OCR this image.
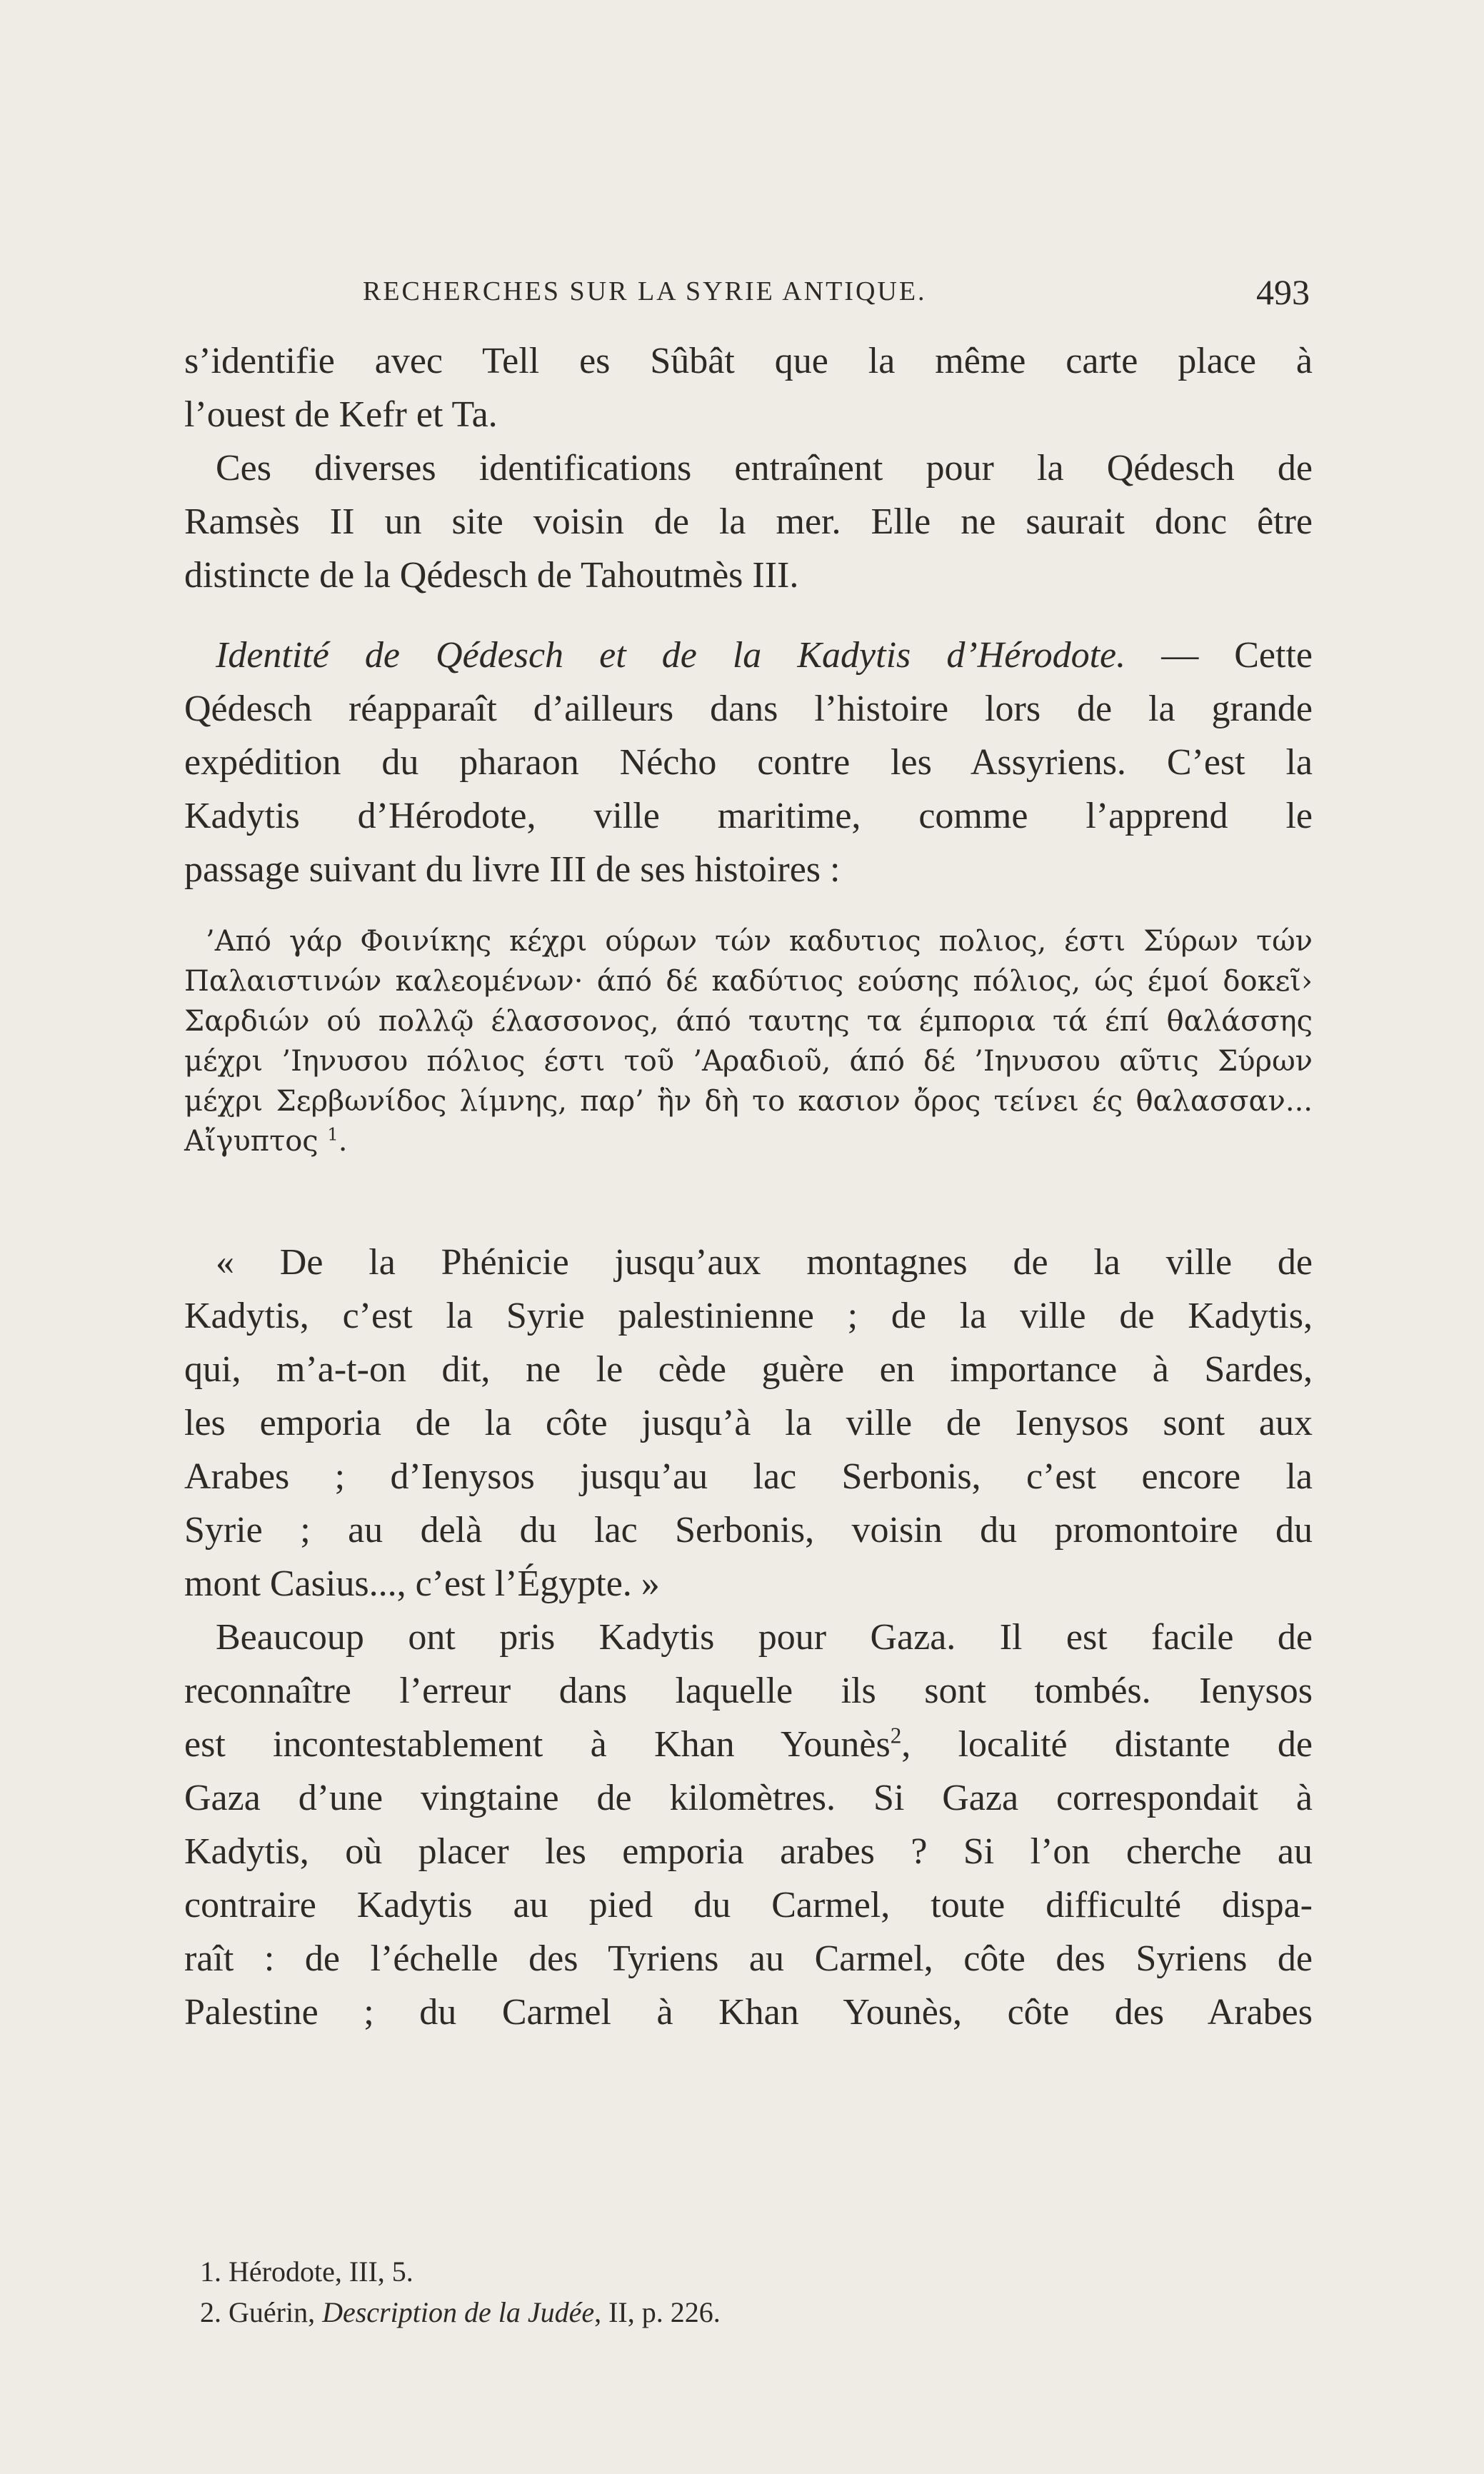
RECHERCHES SUR LA SYRIE ANTIQUE.	493

s’identifie avec Tell es Sûbât que la même carte place à
l’ouest de Kefr et Ta.

Ces diverses identifications entraînent pour la Qédesch de
Ramsès II un site voisin de la mer. Elle ne saurait donc être
distincte de la Qédesch de Tahoutmès III.

Identité de Qédesch et de la Kadytis d’Hérodote. — Cette
Qédesch réapparaît d’ailleurs dans l’histoire lors de la grande
expédition du pharaon Nécho contre les Assyriens. C’est la
Kadytis d’Hérodote, ville maritime, comme l’apprend le
passage suivant du livre III de ses histoires :

’Από γάρ Φοινίκης κέχρι ούρων τών καδυτιος πολιος, έστι Σύρων τών
Παλαιστινών καλεομένων· άπό δέ καδύτιος εούσης πόλιος, ώς έμοί δοκεῖ›
Σαρδιών ού πολλῷ έλασσονος, άπό ταυτης τα έμπορια τά έπί θαλάσσης
μέχρι ’Ιηνυσου πόλιος έστι τοῦ ’Αραδιοῦ, άπό δέ ’Ιηνυσου αῦτις Σύρων
μέχρι Σερβωνίδος λίμνης, παρ’ ἣν δὴ το κασιον ὄρος τείνει ές θαλασσαν...
Αἴγυπτος $^1$.

« De la Phénicie jusqu’aux montagnes de la ville de
Kadytis, c’est la Syrie palestinienne ; de la ville de Kadytis,
qui, m’a-t-on dit, ne le cède guère en importance à Sardes,
les emporia de la côte jusqu’à la ville de Ienysos sont aux
Arabes ; d’Ienysos jusqu’au lac Serbonis, c’est encore la
Syrie ; au delà du lac Serbonis, voisin du promontoire du
mont Casius..., c’est l’Égypte. »

Beaucoup ont pris Kadytis pour Gaza. Il est facile de
reconnaître l’erreur dans laquelle ils sont tombés. Ienysos
est incontestablement à Khan Younès$^2$, localité distante de
Gaza d’une vingtaine de kilomètres. Si Gaza correspondait à
Kadytis, où placer les emporia arabes ? Si l’on cherche au
contraire Kadytis au pied du Carmel, toute difficulté dispa-
raît : de l’échelle des Tyriens au Carmel, côte des Syriens de
Palestine ; du Carmel à Khan Younès, côte des Arabes

1. Hérodote, III, 5.
2. Guérin, Description de la Judée, II, p. 226.
